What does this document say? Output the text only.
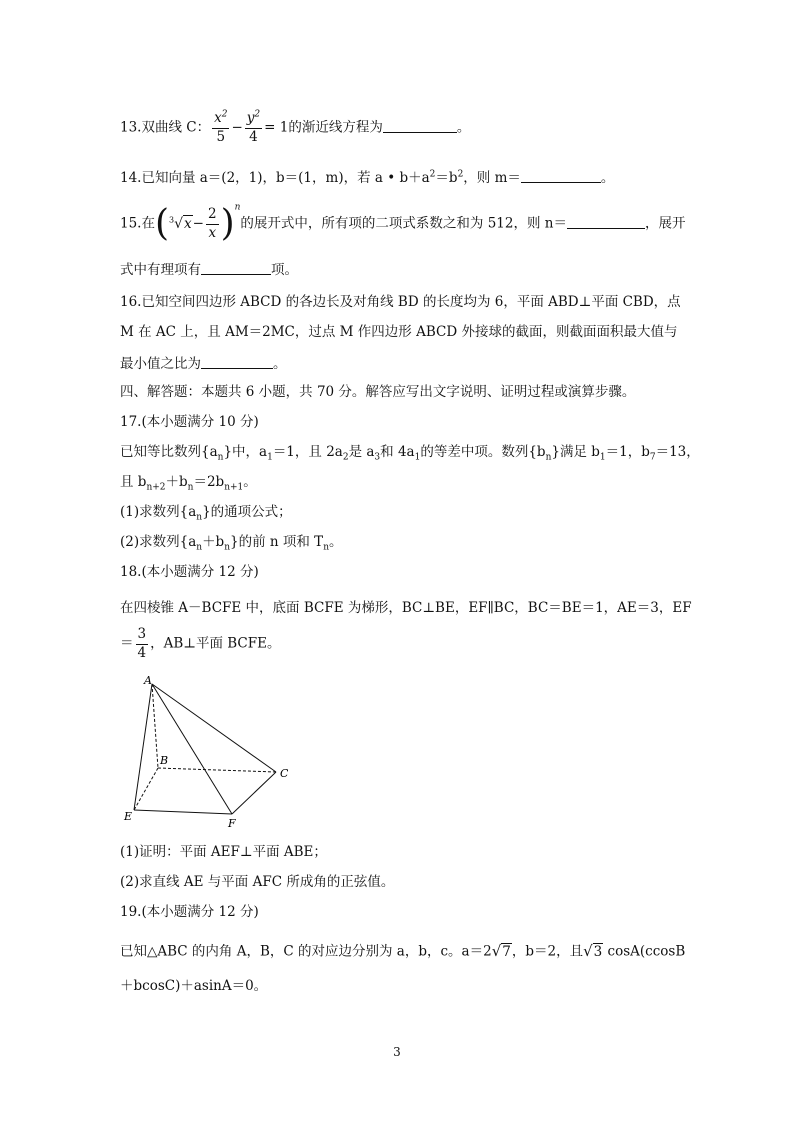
13.双曲线 C： $\frac{x^2}{5} - \frac{y^2}{4} = 1$的渐近线方程为	。
14.已知向量 a＝(2，1)，b＝(1，m)，若 a • $b+a^2=b^2$，则 m＝	。
15.在$(^3√x- \frac{2}{x} )^n$的展开式中，所有项的二项式系数之和为 512，则 n＝	，展开
式中有理项有	项。
16.已知空间四边形 ABCD 的各边长及对角线 BD 的长度均为 6，平面 ABD⊥平面 CBD，点
M 在 AC 上，且 AM＝2MC，过点 M 作四边形 ABCD 外接球的截面，则截面面积最大值与
最小值之比为	。
四、解答题：本题共 6 小题，共 70 分。解答应写出文字说明、证明过程或演算步骤。
17.(本小题满分 10 分)
已知等比数列$\{a_n\}$中，$a_1=1$，且 $2a_2$是 $a_3$和 $4a_1$的等差中项。数列$\{b_n\}$满足 $b_1=1$，$b_7=13$，
且 $b_{n+2}+b_n=2b_{n+1}$。
(1)求数列$\{a_n\}$的通项公式；
(2)求数列$\{a_n+b_n\}$的前 n 项和 $T_n$。
18.(本小题满分 12 分)
在四棱锥 A－BCFE 中，底面 BCFE 为梯形，BC⊥BE，EF∥BC，BC＝BE＝1，AE＝3，EF
＝ $\frac{3}{4}$ ，AB⊥平面 BCFE。
A
B
C
E
F
(1)证明：平面 AEF⊥平面 ABE；
(2)求直线 AE 与平面 AFC 所成角的正弦值。
19.(本小题满分 12 分)
已知△ABC 的内角 A，B，C 的对应边分别为 a，b，c。a＝2√7，b＝2，且√3 cosA(ccosB
＋bcosC)＋asinA＝0。
3
